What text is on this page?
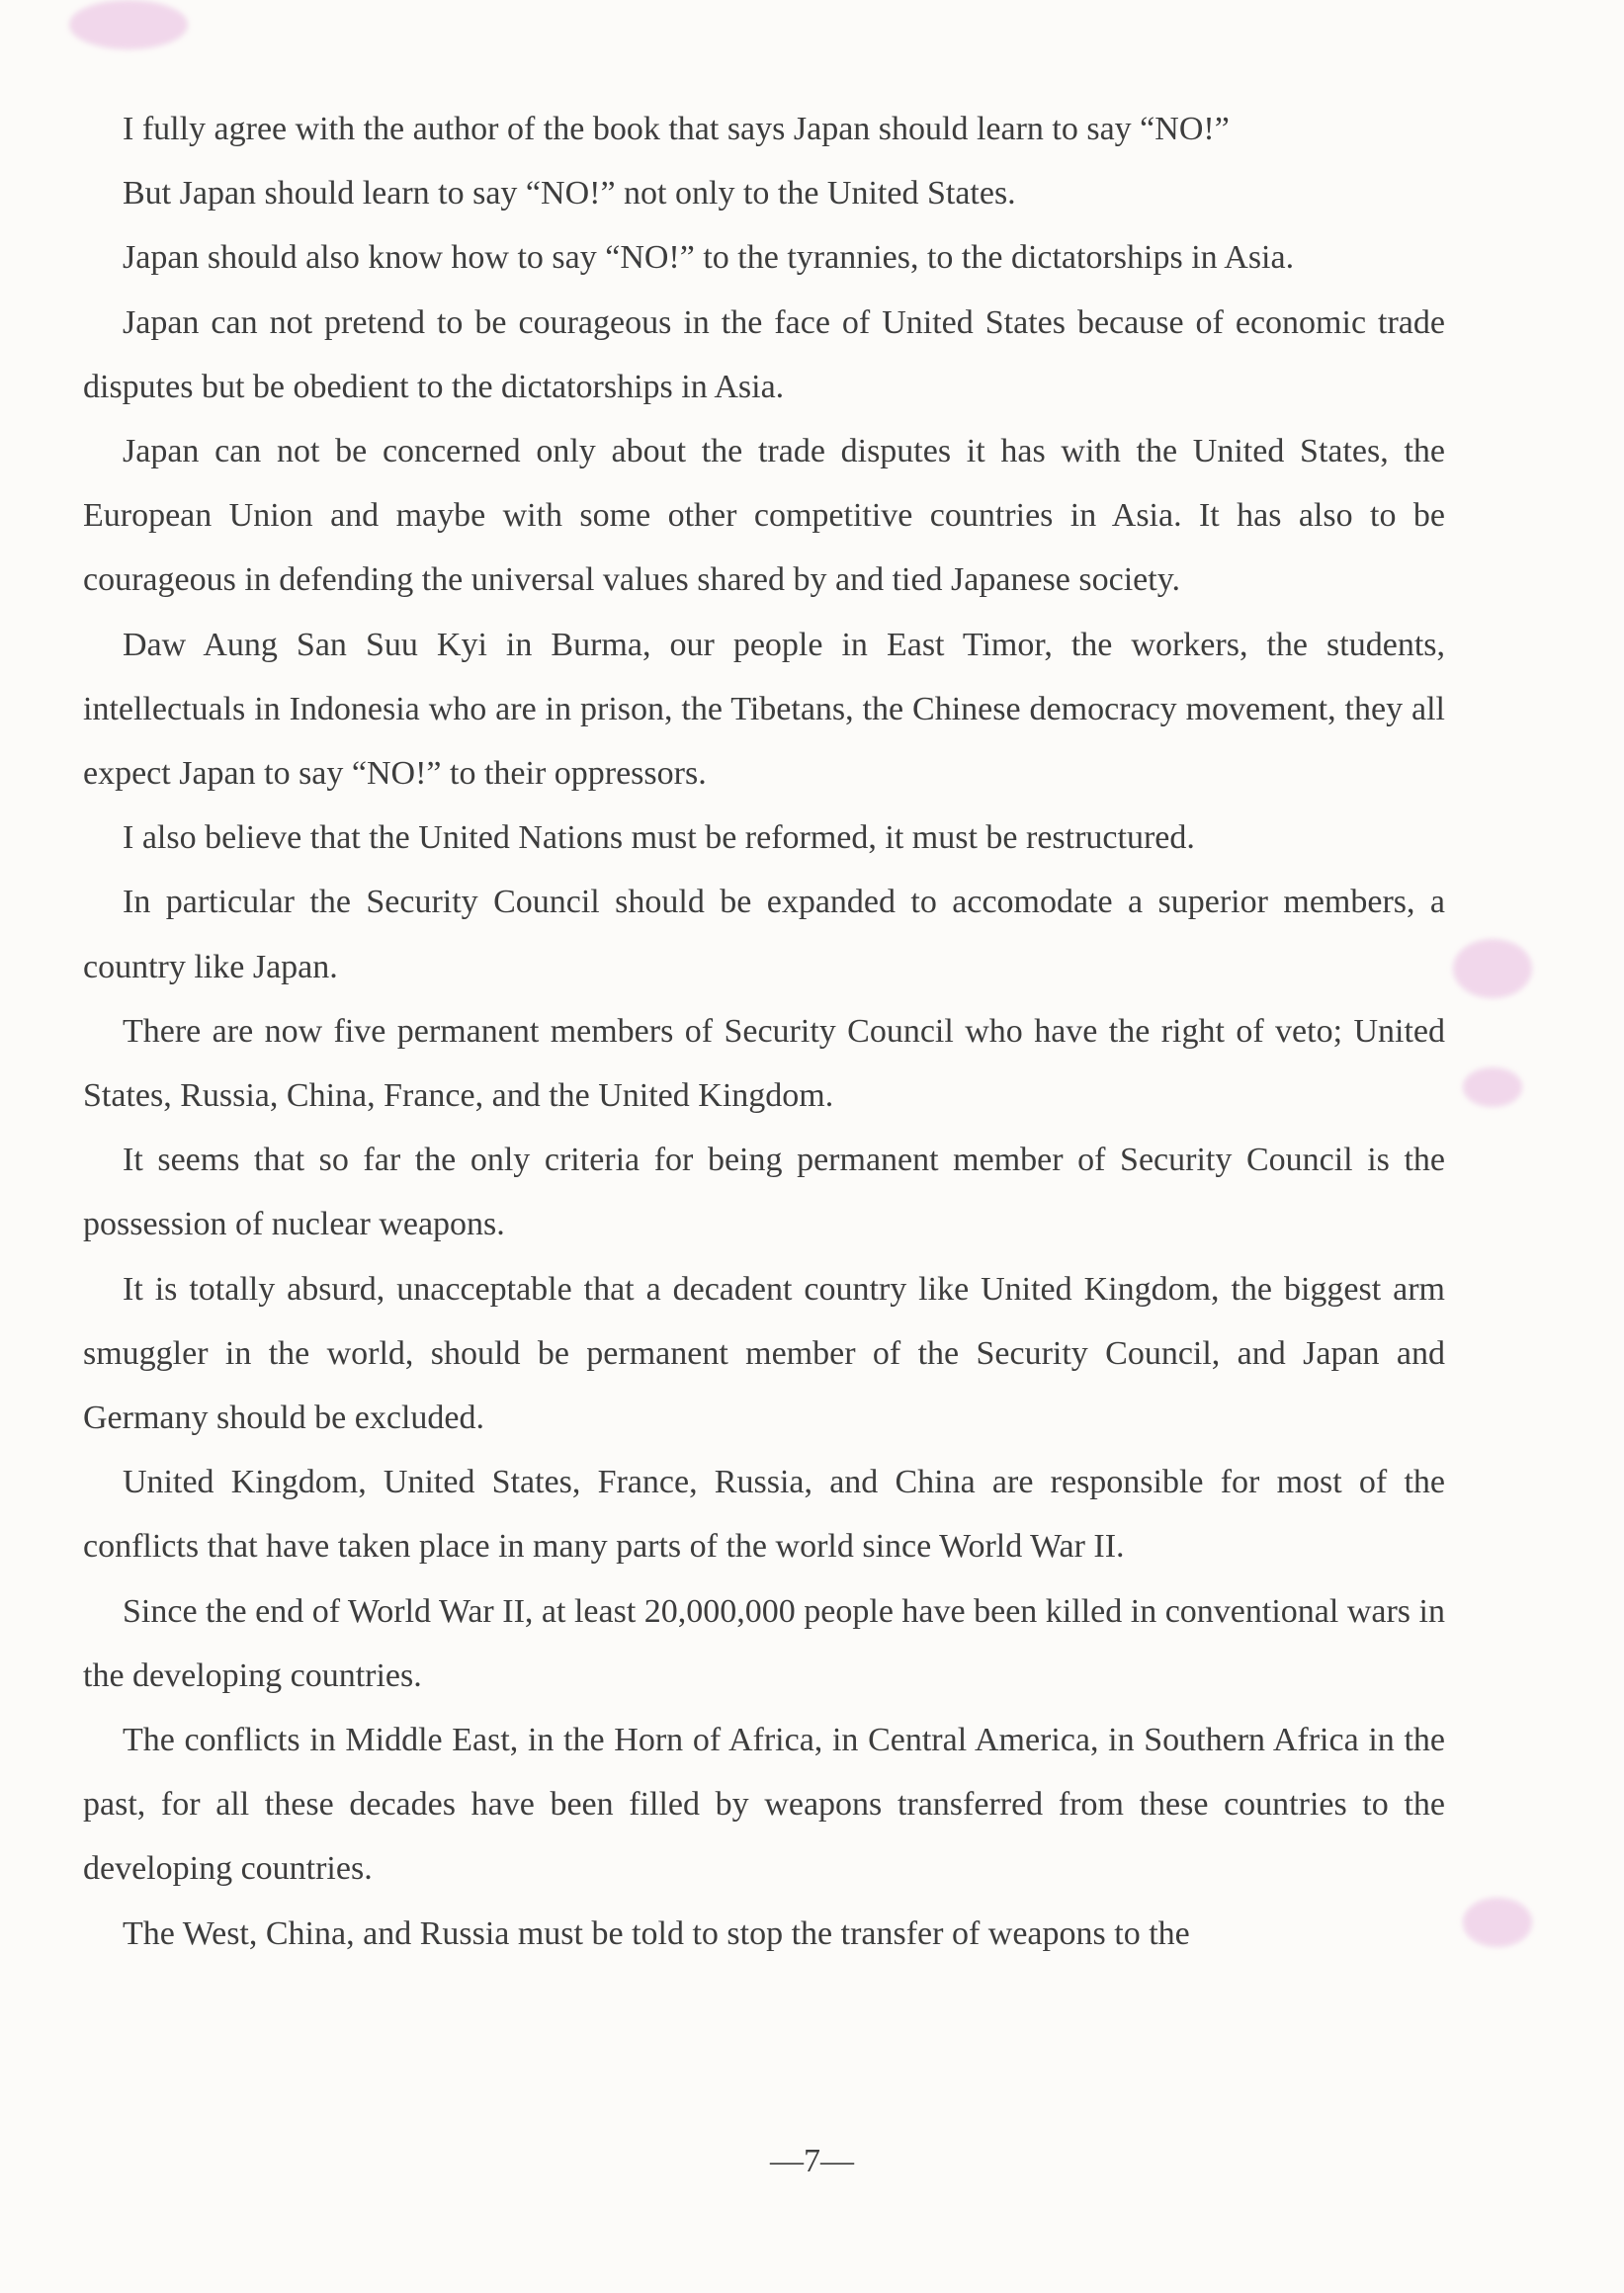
I fully agree with the author of the book that says Japan should learn to say “NO!”

But Japan should learn to say “NO!” not only to the United States.

Japan should also know how to say “NO!” to the tyrannies, to the dictatorships in Asia.

Japan can not pretend to be courageous in the face of United States because of economic trade disputes but be obedient to the dictatorships in Asia.

Japan can not be concerned only about the trade disputes it has with the United States, the European Union and maybe with some other competitive countries in Asia. It has also to be courageous in defending the universal values shared by and tied Japanese society.

Daw Aung San Suu Kyi in Burma, our people in East Timor, the workers, the students, intellectuals in Indonesia who are in prison, the Tibetans, the Chinese democracy movement, they all expect Japan to say “NO!” to their oppressors.

I also believe that the United Nations must be reformed, it must be restructured.

In particular the Security Council should be expanded to accomodate a superior members, a country like Japan.

There are now five permanent members of Security Council who have the right of veto; United States, Russia, China, France, and the United Kingdom.

It seems that so far the only criteria for being permanent member of Security Council is the possession of nuclear weapons.

It is totally absurd, unacceptable that a decadent country like United Kingdom, the biggest arm smuggler in the world, should be permanent member of the Security Council, and Japan and Germany should be excluded.

United Kingdom, United States, France, Russia, and China are responsible for most of the conflicts that have taken place in many parts of the world since World War II.

Since the end of World War II, at least 20,000,000 people have been killed in conventional wars in the developing countries.

The conflicts in Middle East, in the Horn of Africa, in Central America, in Southern Africa in the past, for all these decades have been filled by weapons transferred from these countries to the developing countries.

The West, China, and Russia must be told to stop the transfer of weapons to the

—7—
